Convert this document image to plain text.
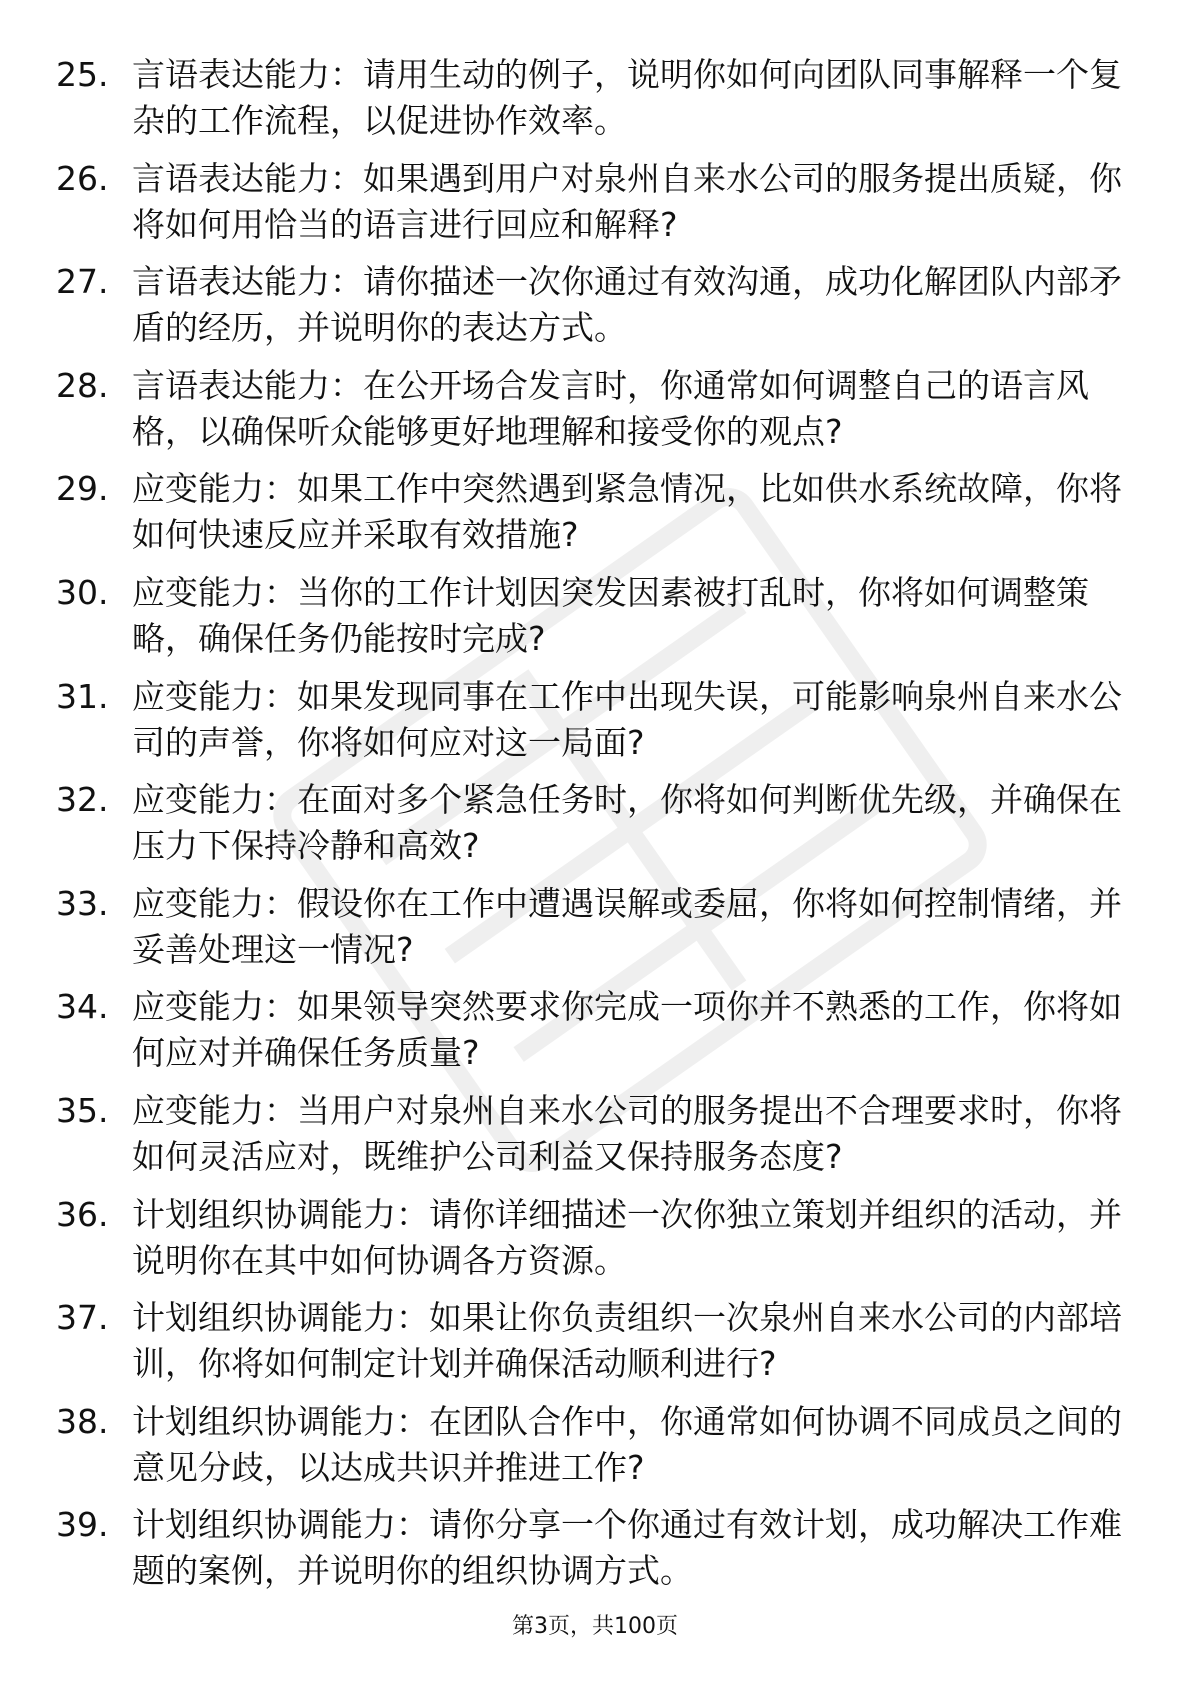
25. 言语表达能力：请用生动的例子，说明你如何向团队同事解释一个复杂的工作流程，以促进协作效率。
26. 言语表达能力：如果遇到用户对泉州自来水公司的服务提出质疑，你将如何用恰当的语言进行回应和解释?
27. 言语表达能力：请你描述一次你通过有效沟通，成功化解团队内部矛盾的经历，并说明你的表达方式。
28. 言语表达能力：在公开场合发言时，你通常如何调整自己的语言风格，以确保听众能够更好地理解和接受你的观点?
29. 应变能力：如果工作中突然遇到紧急情况，比如供水系统故障，你将如何快速反应并采取有效措施?
30. 应变能力：当你的工作计划因突发因素被打乱时，你将如何调整策略，确保任务仍能按时完成?
31. 应变能力：如果发现同事在工作中出现失误，可能影响泉州自来水公司的声誉，你将如何应对这一局面?
32. 应变能力：在面对多个紧急任务时，你将如何判断优先级，并确保在压力下保持冷静和高效?
33. 应变能力：假设你在工作中遭遇误解或委屈，你将如何控制情绪，并妥善处理这一情况?
34. 应变能力：如果领导突然要求你完成一项你并不熟悉的工作，你将如何应对并确保任务质量?
35. 应变能力：当用户对泉州自来水公司的服务提出不合理要求时，你将如何灵活应对，既维护公司利益又保持服务态度?
36. 计划组织协调能力：请你详细描述一次你独立策划并组织的活动，并说明你在其中如何协调各方资源。
37. 计划组织协调能力：如果让你负责组织一次泉州自来水公司的内部培训，你将如何制定计划并确保活动顺利进行?
38. 计划组织协调能力：在团队合作中，你通常如何协调不同成员之间的意见分歧，以达成共识并推进工作?
39. 计划组织协调能力：请你分享一个你通过有效计划，成功解决工作难题的案例，并说明你的组织协调方式。
第3页，共100页
